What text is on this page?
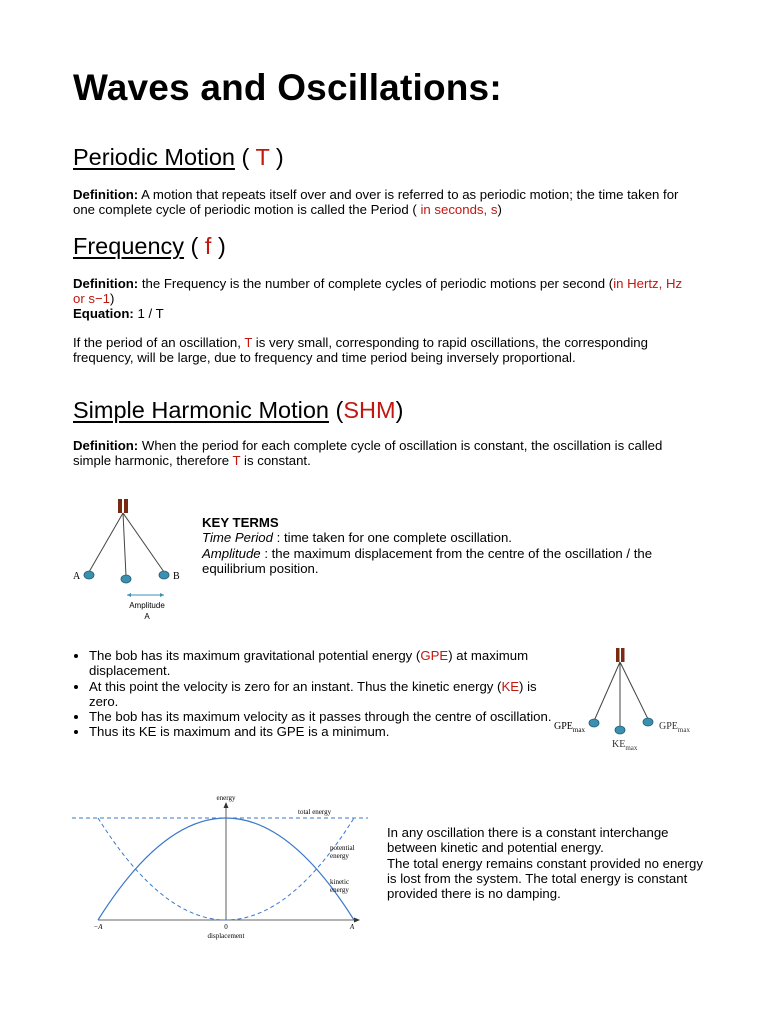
Waves and Oscillations:
Periodic Motion ( T )

Definition: A motion that repeats itself over and over is referred to as periodic motion; the time taken for one complete cycle of periodic motion is called the Period ( in seconds, s)

Frequency ( f )

Definition: the Frequency is the number of complete cycles of periodic motions per second (in Hertz, Hz or s−1)

Equation: 1 / T

If the period of an oscillation, T is very small, corresponding to rapid oscillations, the corresponding frequency, will be large, due to frequency and time period being inversely proportional.

Simple Harmonic Motion (SHM)

Definition: When the period for each complete cycle of oscillation is constant, the oscillation is called simple harmonic, therefore T is constant.

A	B
Amplitude
A
KEY TERMS
Time Period : time taken for one complete oscillation.
Amplitude : the maximum displacement from the centre of the oscillation / the equilibrium position.
• The bob has its maximum gravitational potential energy (GPE) at maximum displacement.
• At this point the velocity is zero for an instant. Thus the kinetic energy (KE) is zero.
• The bob has its maximum velocity as it passes through the centre of oscillation.
• Thus its KE is maximum and its GPE is a minimum.	$GPE_{max}$	$GPE_{max}$
$KE_{max}$
energy
total energy
potential
energy
kinetic
energy
−A	0	A
displacement

In any oscillation there is a constant interchange between kinetic and potential energy.
The total energy remains constant provided no energy is lost from the system. The total energy is constant provided there is no damping.
